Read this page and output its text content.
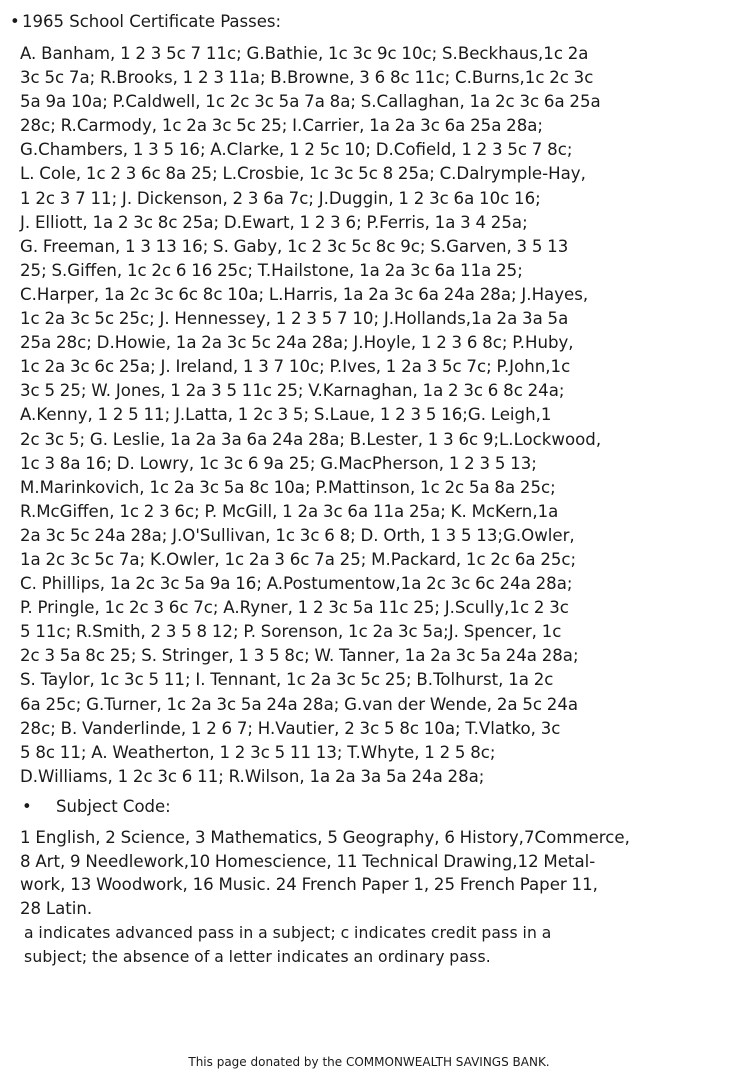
• 1965 School Certificate Passes:
A. Banham, 1 2 3 5c 7 11c; G.Bathie, 1c 3c 9c 10c; S.Beckhaus,1c 2a
3c 5c 7a; R.Brooks, 1 2 3 11a; B.Browne, 3 6 8c 11c; C.Burns,1c 2c 3c
5a 9a 10a; P.Caldwell, 1c 2c 3c 5a 7a 8a; S.Callaghan, 1a 2c 3c 6a 25a
28c; R.Carmody, 1c 2a 3c 5c 25; I.Carrier, 1a 2a 3c 6a 25a 28a;
G.Chambers, 1 3 5 16; A.Clarke, 1 2 5c 10; D.Cofield, 1 2 3 5c 7 8c;
L. Cole, 1c 2 3 6c 8a 25; L.Crosbie, 1c 3c 5c 8 25a; C.Dalrymple-Hay,
1 2c 3 7 11; J. Dickenson, 2 3 6a 7c; J.Duggin, 1 2 3c 6a 10c 16;
J. Elliott, 1a 2 3c 8c 25a; D.Ewart, 1 2 3 6; P.Ferris, 1a 3 4 25a;
G. Freeman, 1 3 13 16; S. Gaby, 1c 2 3c 5c 8c 9c; S.Garven, 3 5 13
25; S.Giffen, 1c 2c 6 16 25c; T.Hailstone, 1a 2a 3c 6a 11a 25;
C.Harper, 1a 2c 3c 6c 8c 10a; L.Harris, 1a 2a 3c 6a 24a 28a; J.Hayes,
1c 2a 3c 5c 25c; J. Hennessey, 1 2 3 5 7 10; J.Hollands,1a 2a 3a 5a
25a 28c; D.Howie, 1a 2a 3c 5c 24a 28a; J.Hoyle, 1 2 3 6 8c; P.Huby,
1c 2a 3c 6c 25a; J. Ireland, 1 3 7 10c; P.Ives, 1 2a 3 5c 7c; P.John,1c
3c 5 25; W. Jones, 1 2a 3 5 11c 25; V.Karnaghan, 1a 2 3c 6 8c 24a;
A.Kenny, 1 2 5 11; J.Latta, 1 2c 3 5; S.Laue, 1 2 3 5 16;G. Leigh,1
2c 3c 5; G. Leslie, 1a 2a 3a 6a 24a 28a; B.Lester, 1 3 6c 9;L.Lockwood,
1c 3 8a 16; D. Lowry, 1c 3c 6 9a 25; G.MacPherson, 1 2 3 5 13;
M.Marinkovich, 1c 2a 3c 5a 8c 10a; P.Mattinson, 1c 2c 5a 8a 25c;
R.McGiffen, 1c 2 3 6c; P. McGill, 1 2a 3c 6a 11a 25a; K. McKern,1a
2a 3c 5c 24a 28a; J.O'Sullivan, 1c 3c 6 8; D. Orth, 1 3 5 13;G.Owler,
1a 2c 3c 5c 7a; K.Owler, 1c 2a 3 6c 7a 25; M.Packard, 1c 2c 6a 25c;
C. Phillips, 1a 2c 3c 5a 9a 16; A.Postumentow,1a 2c 3c 6c 24a 28a;
P. Pringle, 1c 2c 3 6c 7c; A.Ryner, 1 2 3c 5a 11c 25; J.Scully,1c 2 3c
5 11c; R.Smith, 2 3 5 8 12; P. Sorenson, 1c 2a 3c 5a;J. Spencer, 1c
2c 3 5a 8c 25; S. Stringer, 1 3 5 8c; W. Tanner, 1a 2a 3c 5a 24a 28a;
S. Taylor, 1c 3c 5 11; I. Tennant, 1c 2a 3c 5c 25; B.Tolhurst, 1a 2c
6a 25c; G.Turner, 1c 2a 3c 5a 24a 28a; G.van der Wende, 2a 5c 24a
28c; B. Vanderlinde, 1 2 6 7; H.Vautier, 2 3c 5 8c 10a; T.Vlatko, 3c
5 8c 11; A. Weatherton, 1 2 3c 5 11 13; T.Whyte, 1 2 5 8c;
D.Williams, 1 2c 3c 6 11; R.Wilson, 1a 2a 3a 5a 24a 28a;
• Subject Code:
1 English, 2 Science, 3 Mathematics, 5 Geography, 6 History,7Commerce,
8 Art, 9 Needlework,10 Homescience, 11 Technical Drawing,12 Metal-
work, 13 Woodwork, 16 Music. 24 French Paper 1, 25 French Paper 11,
28 Latin.
a indicates advanced pass in a subject; c indicates credit pass in a
subject; the absence of a letter indicates an ordinary pass.
This page donated by the COMMONWEALTH SAVINGS BANK.
